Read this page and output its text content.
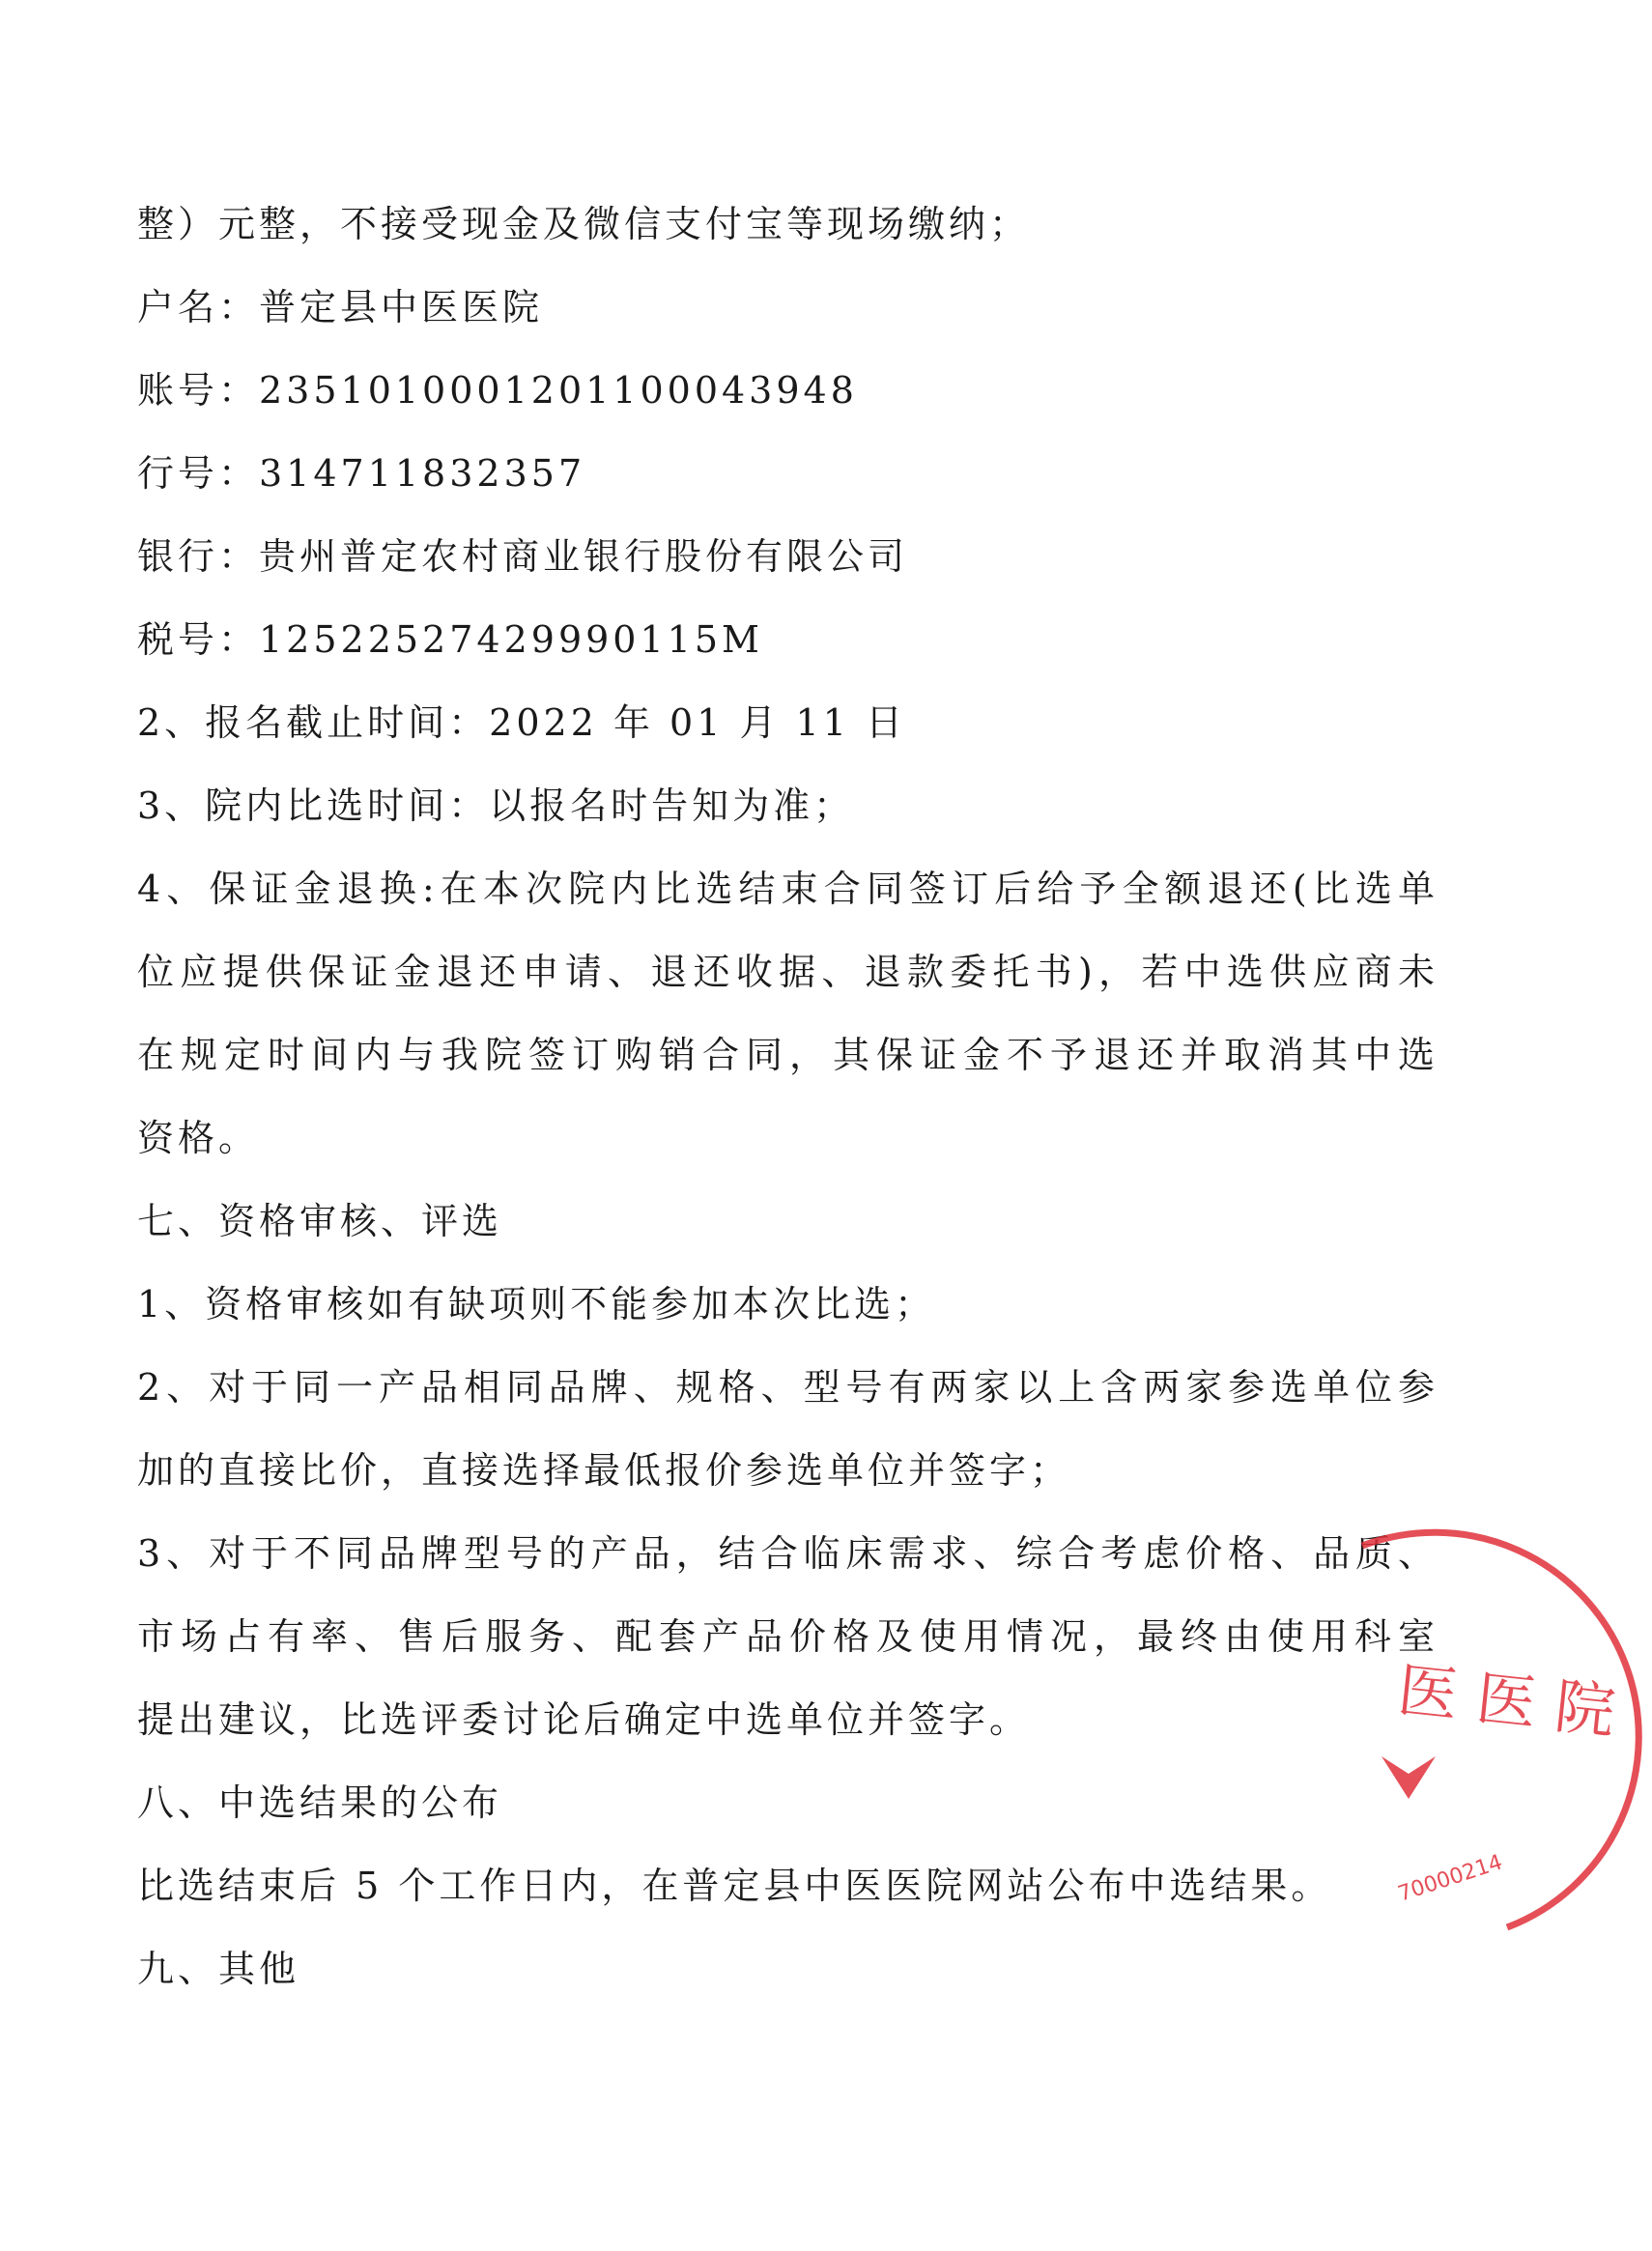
整）元整，不接受现金及微信支付宝等现场缴纳；
户名：普定县中医医院
账号：2351010001201100043948
行号：314711832357
银行：贵州普定农村商业银行股份有限公司
税号：12522527429990115M
2、报名截止时间：2022 年 01 月 11 日
3、院内比选时间：以报名时告知为准；
4、保证金退换:在本次院内比选结束合同签订后给予全额退还(比选单
位应提供保证金退还申请、退还收据、退款委托书)，若中选供应商未
在规定时间内与我院签订购销合同，其保证金不予退还并取消其中选
资格。
七、资格审核、评选
1、资格审核如有缺项则不能参加本次比选；
2、对于同一产品相同品牌、规格、型号有两家以上含两家参选单位参
加的直接比价，直接选择最低报价参选单位并签字；
3、对于不同品牌型号的产品，结合临床需求、综合考虑价格、品质、
市场占有率、售后服务、配套产品价格及使用情况，最终由使用科室
提出建议，比选评委讨论后确定中选单位并签字。
八、中选结果的公布
比选结束后 5 个工作日内，在普定县中医医院网站公布中选结果。
九、其他
医 医 院
70000214
